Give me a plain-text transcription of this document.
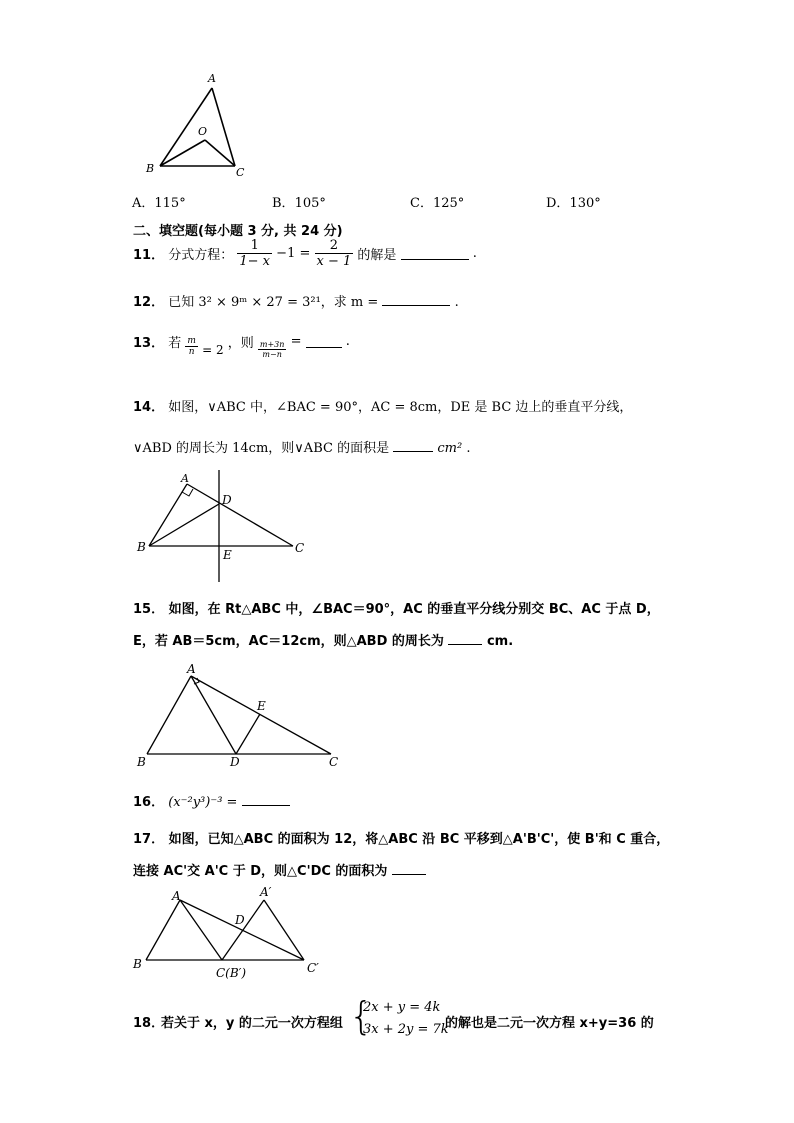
A
O
B	C
A．115°	B．105°	C．125°	D．130°
二、填空题(每小题 3 分, 共 24 分)
11． 分式方程： $\frac{1}{1- x} -1 = \frac{2}{x - 1}$ 的解是	.
12． 已知 3² × 9ᵐ × 27 = 3²¹，求 m =	.
13． 若 $\frac{m}{n} = 2$ ，则 $\frac{m+3n}{m-n}$ =	.
14． 如图，∨ABC 中，∠BAC = 90°，AC = 8cm，DE 是 BC 边上的垂直平分线，
∨ABD 的周长为 14cm，则∨ABC 的面积是	cm² .
A
D
B
E	C
15． 如图，在 Rt△ABC 中，∠BAC＝90°，AC 的垂直平分线分别交 BC、AC 于点 D，
E，若 AB＝5cm，AC＝12cm，则△ABD 的周长为	cm.
A
E
B	D	C
16． (x⁻²y³)⁻³ =
17． 如图，已知△ABC 的面积为 12，将△ABC 沿 BC 平移到△A'B'C'，使 B'和 C 重合，
连接 AC'交 A'C 于 D，则△C'DC 的面积为
A	A′
D
B
C(B′)	C′
18．
若关于 x，y 的二元一次方程组 {
2x + y = 4k
3x + 2y = 7k
的解也是二元一次方程 x+y=36 的
